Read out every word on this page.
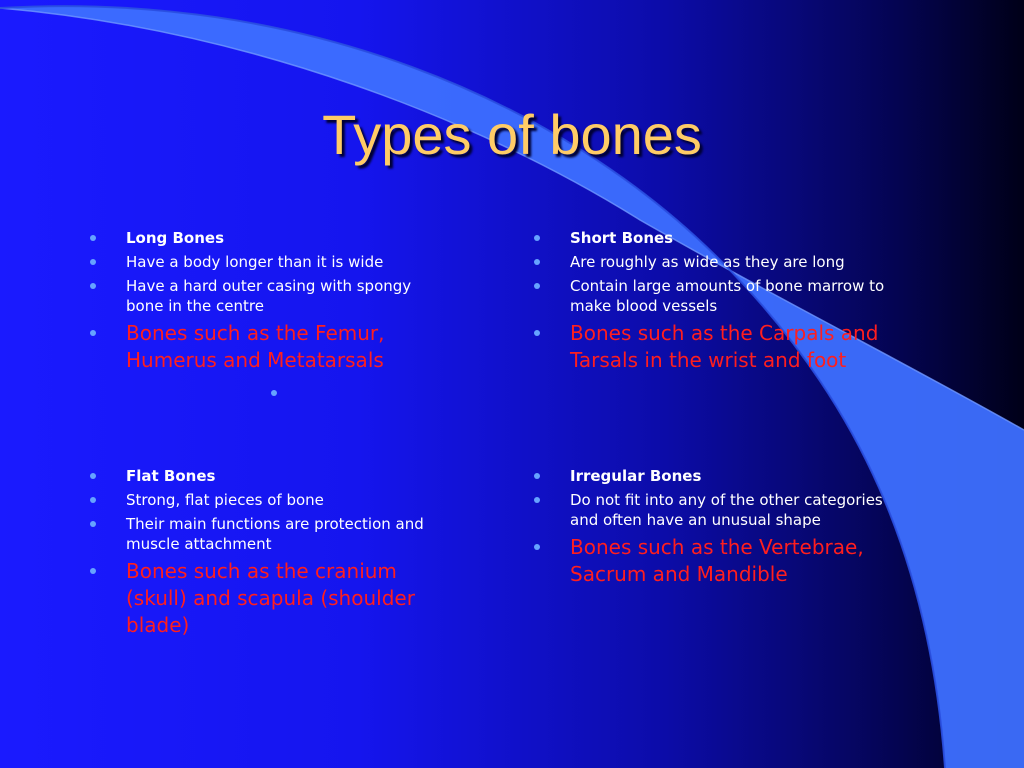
Types of bones
Long Bones
Have a body longer than it is wide
Have a hard outer casing with spongy bone in the centre
Bones such as the Femur, Humerus and Metatarsals
Short Bones
Are roughly as wide as they are long
Contain large amounts of bone marrow to make blood vessels
Bones such as the Carpals and Tarsals in the wrist and foot
Flat Bones
Strong, flat pieces of bone
Their main functions are protection and muscle attachment
Bones such as the cranium (skull) and scapula (shoulder blade)
Irregular Bones
Do not fit into any of the other categories and often have an unusual shape
Bones such as the Vertebrae, Sacrum and Mandible
